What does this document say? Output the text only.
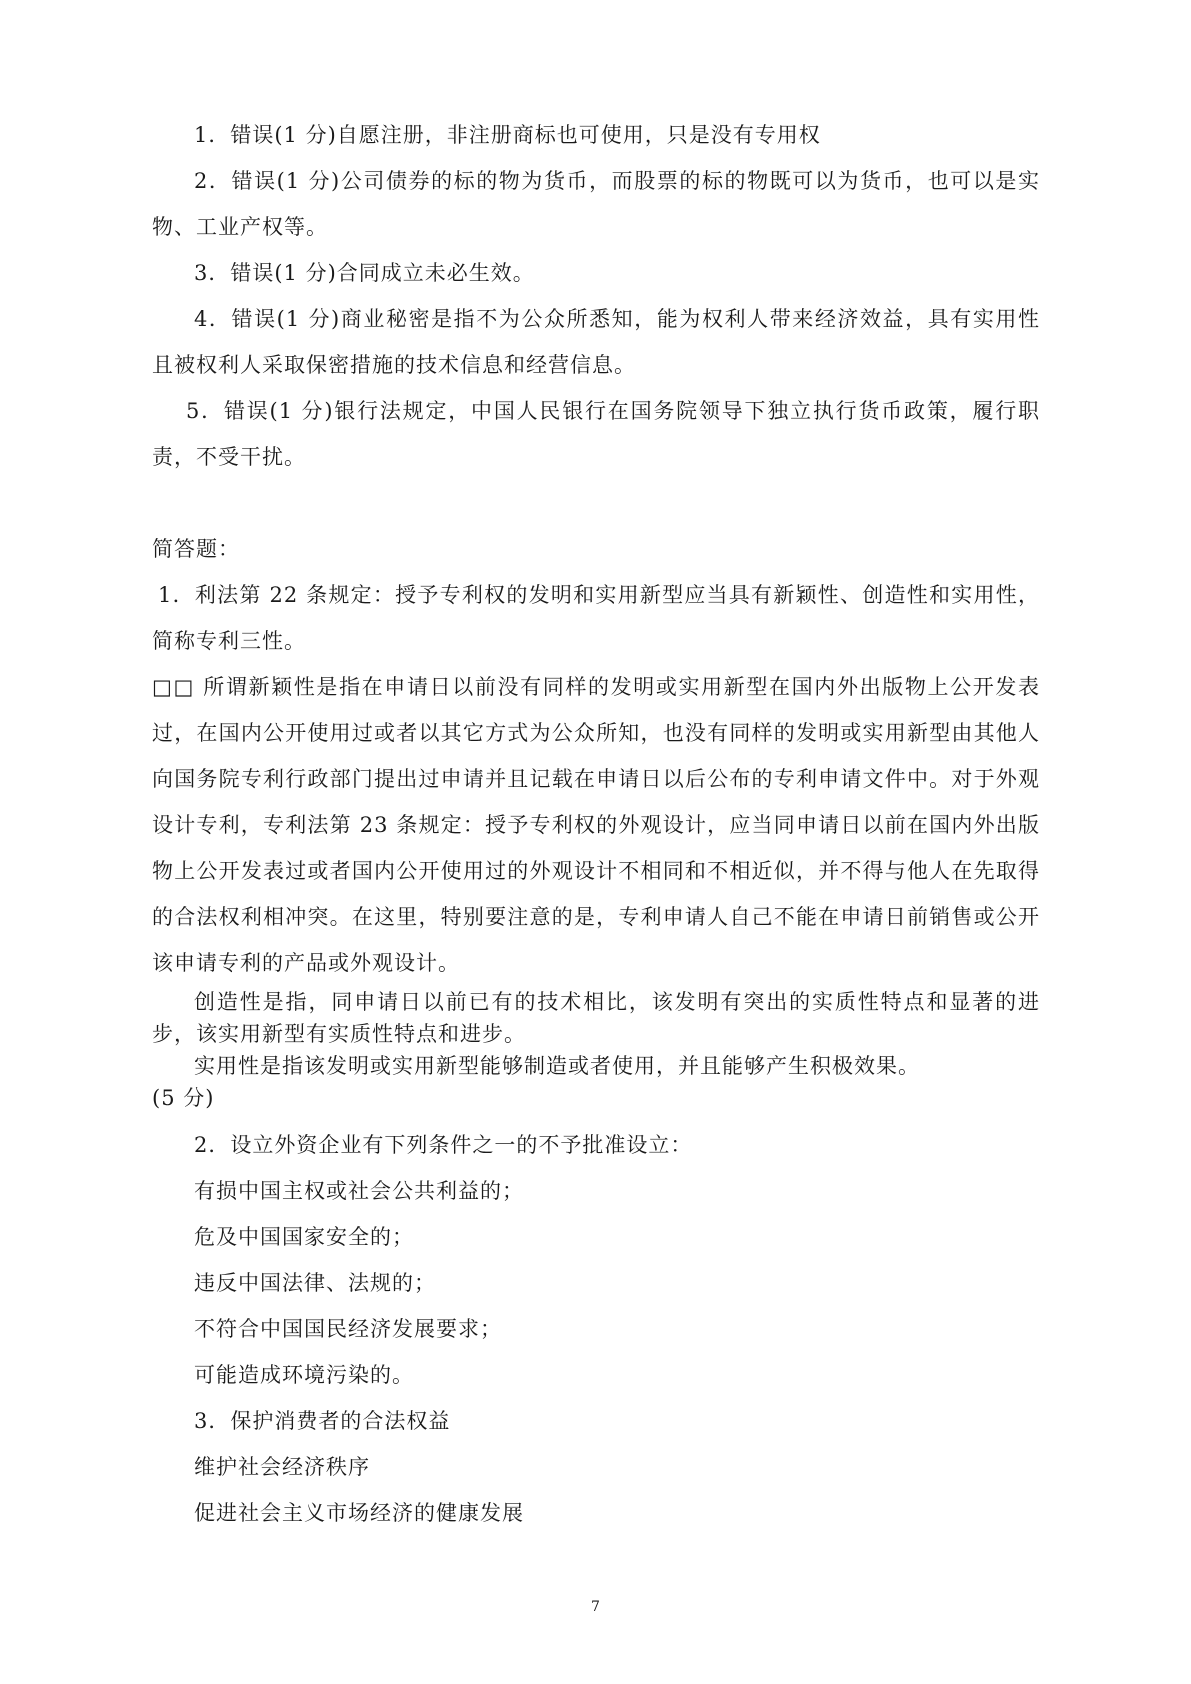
1．错误(1 分)自愿注册，非注册商标也可使用，只是没有专用权

2．错误(1 分)公司债券的标的物为货币，而股票的标的物既可以为货币，也可以是实物、工业产权等。

3．错误(1 分)合同成立未必生效。

4．错误(1 分)商业秘密是指不为公众所悉知，能为权利人带来经济效益，具有实用性且被权利人采取保密措施的技术信息和经营信息。

5．错误(1 分)银行法规定，中国人民银行在国务院领导下独立执行货币政策，履行职责，不受干扰。

简答题：

1．利法第 22 条规定：授予专利权的发明和实用新型应当具有新颖性、创造性和实用性，简称专利三性。

□□ 所谓新颖性是指在申请日以前没有同样的发明或实用新型在国内外出版物上公开发表过，在国内公开使用过或者以其它方式为公众所知，也没有同样的发明或实用新型由其他人向国务院专利行政部门提出过申请并且记载在申请日以后公布的专利申请文件中。对于外观设计专利，专利法第 23 条规定：授予专利权的外观设计，应当同申请日以前在国内外出版物上公开发表过或者国内公开使用过的外观设计不相同和不相近似，并不得与他人在先取得的合法权利相冲突。在这里，特别要注意的是，专利申请人自己不能在申请日前销售或公开该申请专利的产品或外观设计。

创造性是指，同申请日以前已有的技术相比，该发明有突出的实质性特点和显著的进步，该实用新型有实质性特点和进步。

实用性是指该发明或实用新型能够制造或者使用，并且能够产生积极效果。

(5 分)

2．设立外资企业有下列条件之一的不予批准设立：

有损中国主权或社会公共利益的；

危及中国国家安全的；

违反中国法律、法规的；

不符合中国国民经济发展要求；

可能造成环境污染的。

3．保护消费者的合法权益

维护社会经济秩序

促进社会主义市场经济的健康发展

7
